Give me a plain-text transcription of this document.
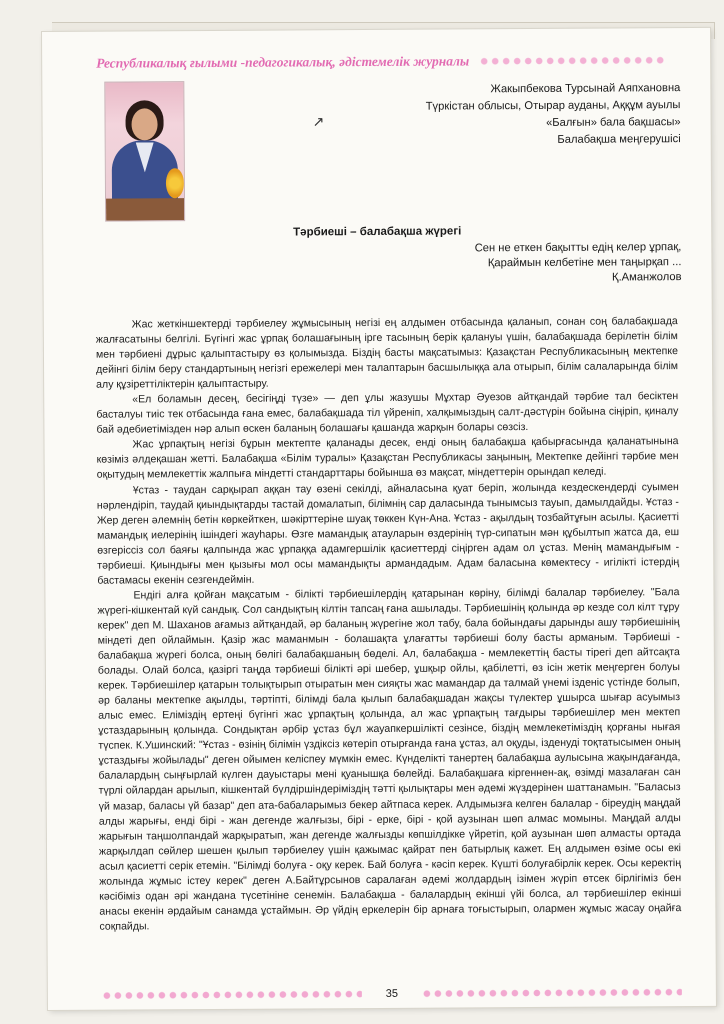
Республикалық ғылыми -педагогикалық, әдістемелік журналы
↗
Жакыпбекова Турсынай Аяпхановна
Түркістан облысы, Отырар ауданы, Аққұм ауылы
«Балғын» бала бақшасы»
Балабақша меңгерушісі
Тәрбиеші – балабақша жүрегі
Сен не еткен бақытты едің келер ұрпақ,
Қараймын келбетіне мен таңырқап ...
Қ.Аманжолов

Жас жеткіншектерді тәрбиелеу жұмысының негізі ең алдымен отбасында қаланып, сонан соң балабақшада жалғасатыны белгілі. Бүгінгі жас ұрпақ болашағының іргe тасының берік қалануы үшін, балабақшада берілетін білім мен тәрбиені дұрыс қалыптастыру өз қолымызда. Біздің басты мақсатымыз: Қазақстан Республикасының мектепке дейінгі білім беру стандартының негізгі ережелері мен талаптарын басшылыққа ала отырып, білім салаларында білім алу құзіреттіліктерін қалыптастыру.

«Ел боламын десең, бесігіңді түзе» — деп ұлы жазушы Мұхтар Әуезов айтқандай тәрбие тал бесіктен басталуы тиіс тек отбасында ғана емес, балабақшада тіл үйреніп, халқымыздың салт-дәстүрін бойына сіңіріп, қиналу бай әдебиетімізден нәр алып өскен баланың болашағы қашанда жарқын болары сөзсіз.

Жас ұрпақтың негізі бұрын мектепте қаланады десек, енді оның балабақша қабырғасында қаланатынына көзіміз әлдеқашан жетті. Балабақша «Білім туралы» Қазақстан Республикасы заңының, Мектепке дейінгі тәрбие мен оқытудың мемлекеттік жалпыға міндетті стандарттары бойынша өз мақсат, міндеттерін орындап келеді.

Ұстаз - таудан сарқырап аққан тау өзені секілді, айналасына қуат беріп, жолында кездескендерді суымен нәрлендіріп, таудай қиындықтарды тастай домалатып, білімнің сар даласында тынымсыз тауып, дамылдайды. Ұстаз - Жер деген әлемнің бетін көркейткен, шәкірттеріне шуақ төккен Күн-Ана. Ұстаз - ақылдың тозбайтұғын асылы. Қасиетті мамандық иелерінің ішіндегі жауһары. Өзге мамандық атауларын өздерінің түр-сипатын мән құбылтып жатса да, еш өзгеріссіз сол баяғы қалпында жас ұрпаққа адамгершілік қасиеттерді сіңірген адам ол ұстаз. Менің мамандығым - тәрбиеші. Қиындығы мен қызығы мол осы мамандықты армандадым. Адам баласына көмектесу - игілікті істердің бастамасы екенін сезгендеймін.

Ендігі алға қойған мақсатым - білікті тәрбиешілердің қатарынан көріну, білімді балалар тәрбиелеу. "Бала жүрегі-кішкентай күй сандық. Сол сандықтың кілтін тапсаң ғана ашылады. Тәрбиешінің қолында әр кезде сол кілт тұру керек" деп М. Шаханов ағамыз айтқандай, әр баланың жүрегіне жол табу, бала бойындағы дарынды ашу тәрбиешінің міндеті деп ойлаймын. Қазір жас маманмын - болашақта ұлағатты тәрбиеші болу басты арманым. Тәрбиеші - балабақша жүрегі болса, оның бөлігі балабақшаның бөделі. Ал, балабақша - мемлекеттің басты тірегі деп айтсақта болады. Олай болса, қазіргі таңда тәрбиеші білікті әрі шебер, ұшқыр ойлы, қабілетті, өз ісін жетік меңгерген болуы керек. Тәрбиешілер қатарын толықтырып отыратын мен сияқты жас мамандар да талмай үнемі ізденіс үстінде болып, әр баланы мектепке ақылды, тәртіпті, білімді бала қылып балабақшадан жақсы түлектер ұшырса шығар асуымыз алыс емес. Еліміздің ертеңі бүгінгі жас ұрпақтың қолында, ал жас ұрпақтың тағдыры тәрбиешілер мен мектеп ұстаздарының қолында. Сондықтан әрбір ұстаз бұл жауапкершілікті сезінсе, біздің мемлекетіміздің қорғаны нығая түспек. К.Ушинский: "Ұстаз - өзінің білімін үздіксіз көтеріп отырғанда ғана ұстаз, ал оқуды, ізденуді тоқтатысымен оның ұстаздығы жойылады" деген ойымен келіспеу мүмкін емес. Күнделікті танертең балабақша аулысына жақындағанда, балалардың сыңғырлай күлген дауыстары мені қуанышқа бөлейді. Балабақшаға кіргеннен-ақ, өзімді мазалаған сан түрлі ойлардан арылып, кішкентай бүлдіршіндеріміздің тәтті қылықтары мен әдемі жүздерінен шаттанамын. "Баласыз үй мазар, баласы үй базар" деп ата-бабаларымыз бекер айтпаса керек. Алдымызға келген балалар - біреудің маңдай алды жарығы, енді бірі - жан дегенде жалғызы, бірі - ерке, бірі - қой аузынан шөп алмас момыны. Маңдай алды жарығын таңшолпандай жарқыратып, жан дегенде жалғызды көпшілдікке үйретіп, қой аузынан шөп алмасты ортада жарқылдап сөйлер шешен қылып тәрбиелеу үшін қажымас қайрат пен батырлық кажет. Ең алдымен өзіме осы екі асыл қасиетті серік етемін. "Білімді болуға - оқу керек. Бай болуға - кәсіп керек. Күшті болуғабірлік керек. Осы керектің жолында жұмыс істеу керек" деген А.Байтұрсынов саралаған әдемі жолдардың ізімен жүріп өтсек бірлігіміз бен кәсібіміз одан әрі жандана түсетініне сенемін. Балабақша - балалардың екінші үйі болса, ал тәрбиешілер екінші анасы екенін әрдайым санамда ұстаймын. Әр үйдің еркелерін бір арнаға тоғыстырып, олармен жұмыс жасау оңайға соқпайды.

35
